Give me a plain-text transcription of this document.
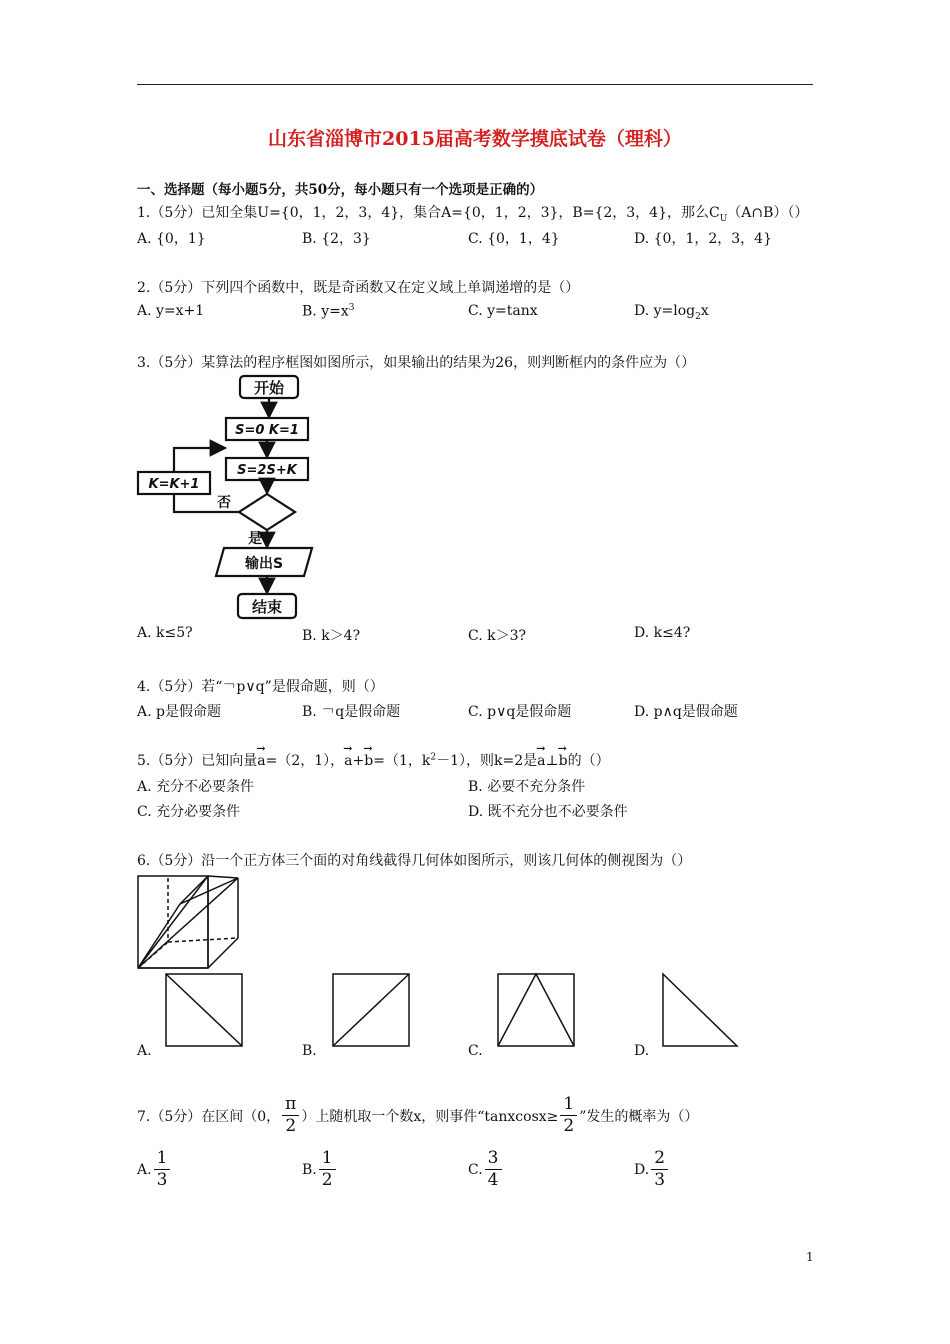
山东省淄博市2015届高考数学摸底试卷（理科）
一、选择题（每小题5分，共50分，每小题只有一个选项是正确的）
1.（5分）已知全集U={0，1，2，3，4}，集合A={0，1，2，3}，B={2，3，4}，那么$C_U(A\cap B)()$
A. {0，1}	B. {2，3}	C. {0，1，4}	D. {0，1，2，3，4}
2.（5分）下列四个函数中，既是奇函数又在定义域上单调递增的是（）
A. y=x+1	B. $y=x^3$	C. y=tanx	D. $y=\log_2x$
3.（5分）某算法的程序框图如图所示，如果输出的结果为26，则判断框内的条件应为（）
开始
S=0 K=1
S=2S+K
K=K+1
否
是
输出S
结束
A. k≤5?	B. k＞4?	C. k＞3?	D. k≤4?
4.（5分）若“￢p∨q”是假命题，则（）
A. p是假命题	B. ￢q是假命题	C. p∨q是假命题	D. p∧q是假命题
5.（5分）已知向量→ a=（2，1），→ a+→ b=（1，$k^2-1$），则k=2是→ a⊥→ b的（）
A. 充分不必要条件	B. 必要不充分条件
C. 充分必要条件	D. 既不充分也不必要条件
6.（5分）沿一个正方体三个面的对角线截得几何体如图所示，则该几何体的侧视图为（）
A.	B.	C.	D.
7.（5分）在区间（0， $\frac{\pi}{2}$ ）上随机取一个数x，则事件“tanxcosx≥ $\frac{1}{2}$ ”发生的概率为（）
A. $\frac{1}{3}$	B. $\frac{1}{2}$	C. $\frac{3}{4}$	D. $\frac{2}{3}$
1
